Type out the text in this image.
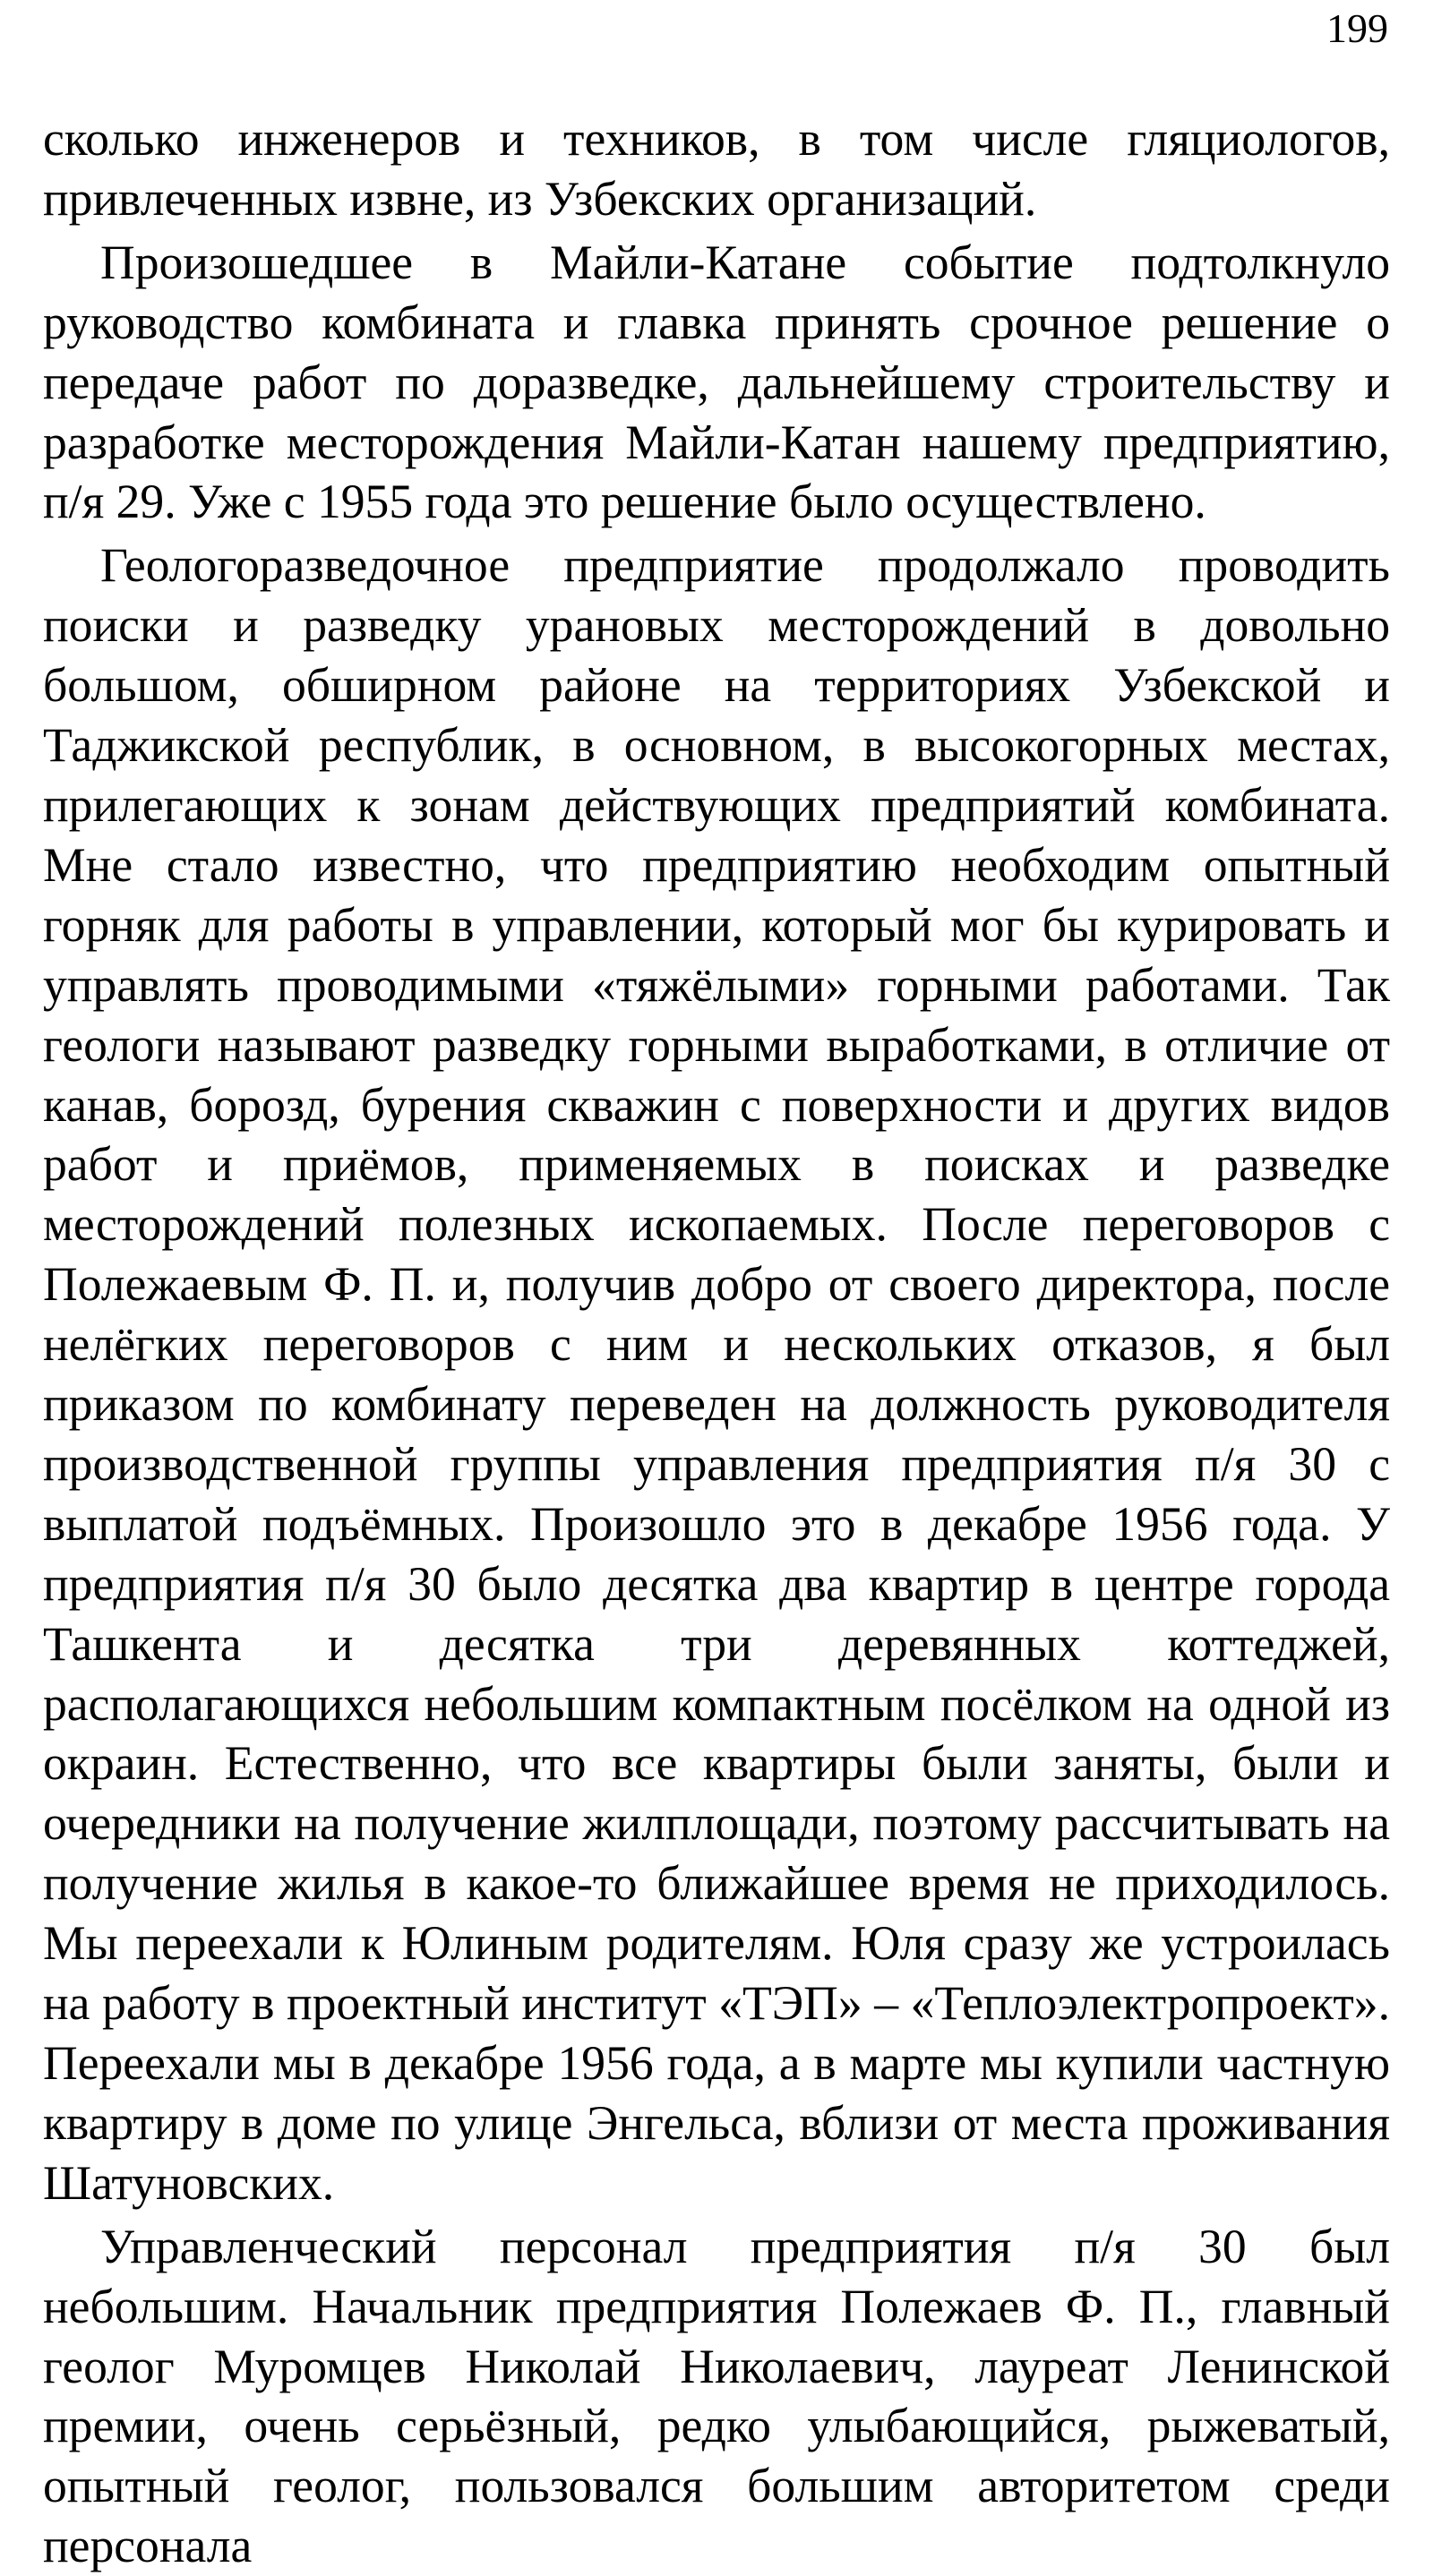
199

сколько инженеров и техников, в том числе гляциологов, привлеченных извне, из Узбекских организаций.

Произошедшее в Майли-Катане событие подтолкнуло руководство комбината и главка принять срочное решение о передаче работ по доразведке, дальнейшему строительству и разработке месторождения Майли-Катан нашему предприятию, п/я 29. Уже с 1955 года это решение было осуществлено.

Геологоразведочное предприятие продолжало проводить поиски и разведку урановых месторождений в довольно большом, обширном районе на территориях Узбекской и Таджикской республик, в основном, в высокогорных местах, прилегающих к зонам действующих предприятий комбината. Мне стало известно, что предприятию необходим опытный горняк для работы в управлении, который мог бы курировать и управлять проводимыми «тяжёлыми» горными работами. Так геологи называют разведку горными выработками, в отличие от канав, борозд, бурения скважин с поверхности и других видов работ и приёмов, применяемых в поисках и разведке месторождений полезных ископаемых. После переговоров с Полежаевым Ф. П. и, получив добро от своего директора, после нелёгких переговоров с ним и нескольких отказов, я был приказом по комбинату переведен на должность руководителя производственной группы управления предприятия п/я 30 с выплатой подъёмных. Произошло это в декабре 1956 года. У предприятия п/я 30 было десятка два квартир в центре города Ташкента и десятка три деревянных коттеджей, располагающихся небольшим компактным посёлком на одной из окраин. Естественно, что все квартиры были заняты, были и очередники на получение жилплощади, поэтому рассчитывать на получение жилья в какое-то ближайшее время не приходилось. Мы переехали к Юлиным родителям. Юля сразу же устроилась на работу в проектный институт «ТЭП» – «Теплоэлектропроект». Переехали мы в декабре 1956 года, а в марте мы купили частную квартиру в доме по улице Энгельса, вблизи от места проживания Шатуновских.

Управленческий персонал предприятия п/я 30 был небольшим. Начальник предприятия Полежаев Ф. П., главный геолог Муромцев Николай Николаевич, лауреат Ленинской премии, очень серьёзный, редко улыбающийся, рыжеватый, опытный геолог, пользовался большим авторитетом среди персонала
